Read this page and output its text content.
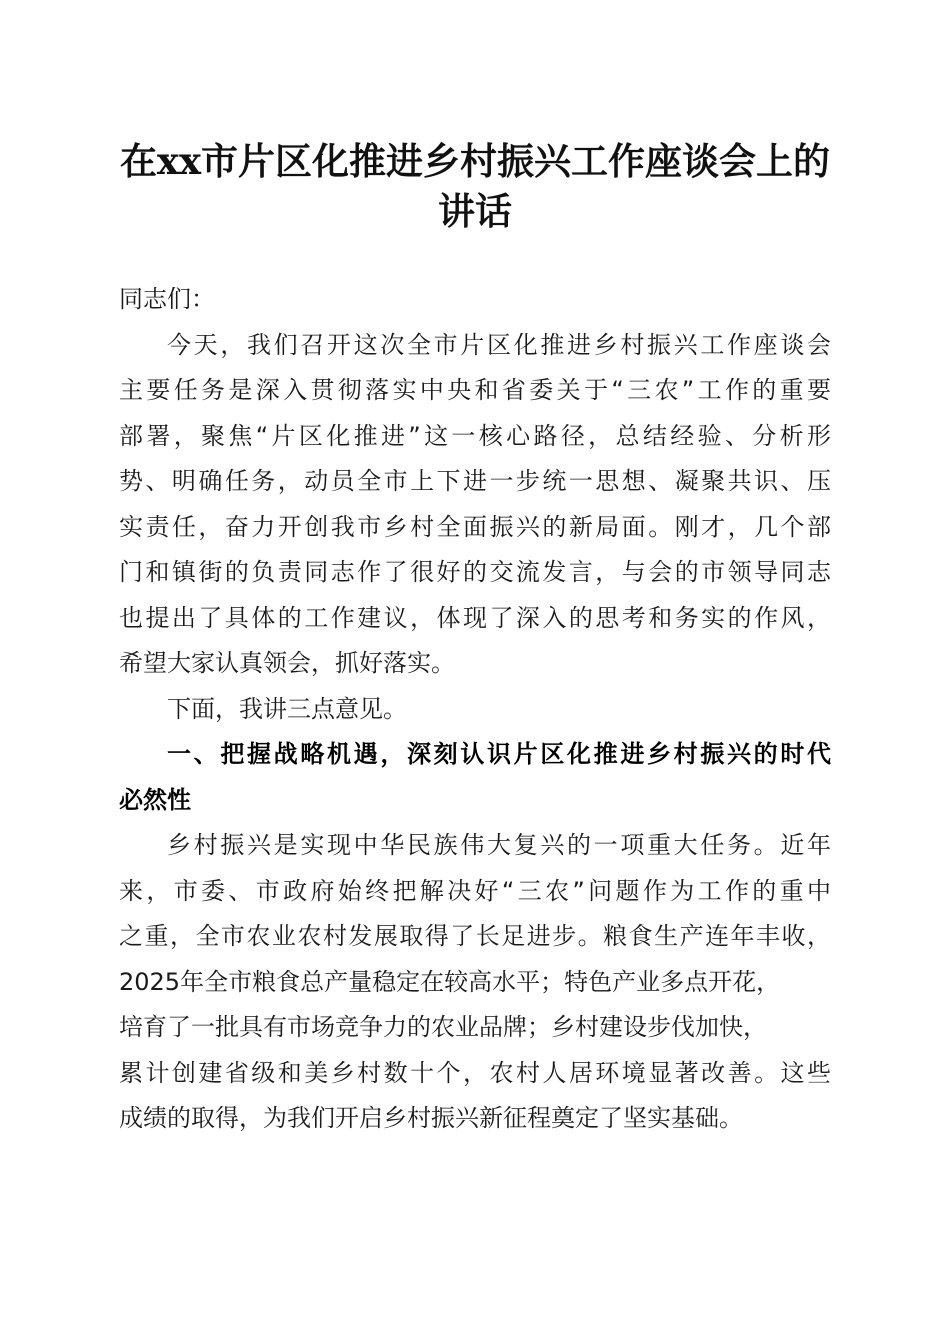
在xx市片区化推进乡村振兴工作座谈会上的
讲话
同志们：
今天，我们召开这次全市片区化推进乡村振兴工作座谈会
主要任务是深入贯彻落实中央和省委关于“三农”工作的重要
部署，聚焦“片区化推进”这一核心路径，总结经验、分析形
势、明确任务，动员全市上下进一步统一思想、凝聚共识、压
实责任，奋力开创我市乡村全面振兴的新局面。刚才，几个部
门和镇街的负责同志作了很好的交流发言，与会的市领导同志
也提出了具体的工作建议，体现了深入的思考和务实的作风，
希望大家认真领会，抓好落实。
下面，我讲三点意见。
一、把握战略机遇，深刻认识片区化推进乡村振兴的时代
必然性
乡村振兴是实现中华民族伟大复兴的一项重大任务。近年
来，市委、市政府始终把解决好“三农”问题作为工作的重中
之重，全市农业农村发展取得了长足进步。粮食生产连年丰收，
2025年全市粮食总产量稳定在较高水平；特色产业多点开花，
培育了一批具有市场竞争力的农业品牌；乡村建设步伐加快，
累计创建省级和美乡村数十个，农村人居环境显著改善。这些
成绩的取得，为我们开启乡村振兴新征程奠定了坚实基础。
